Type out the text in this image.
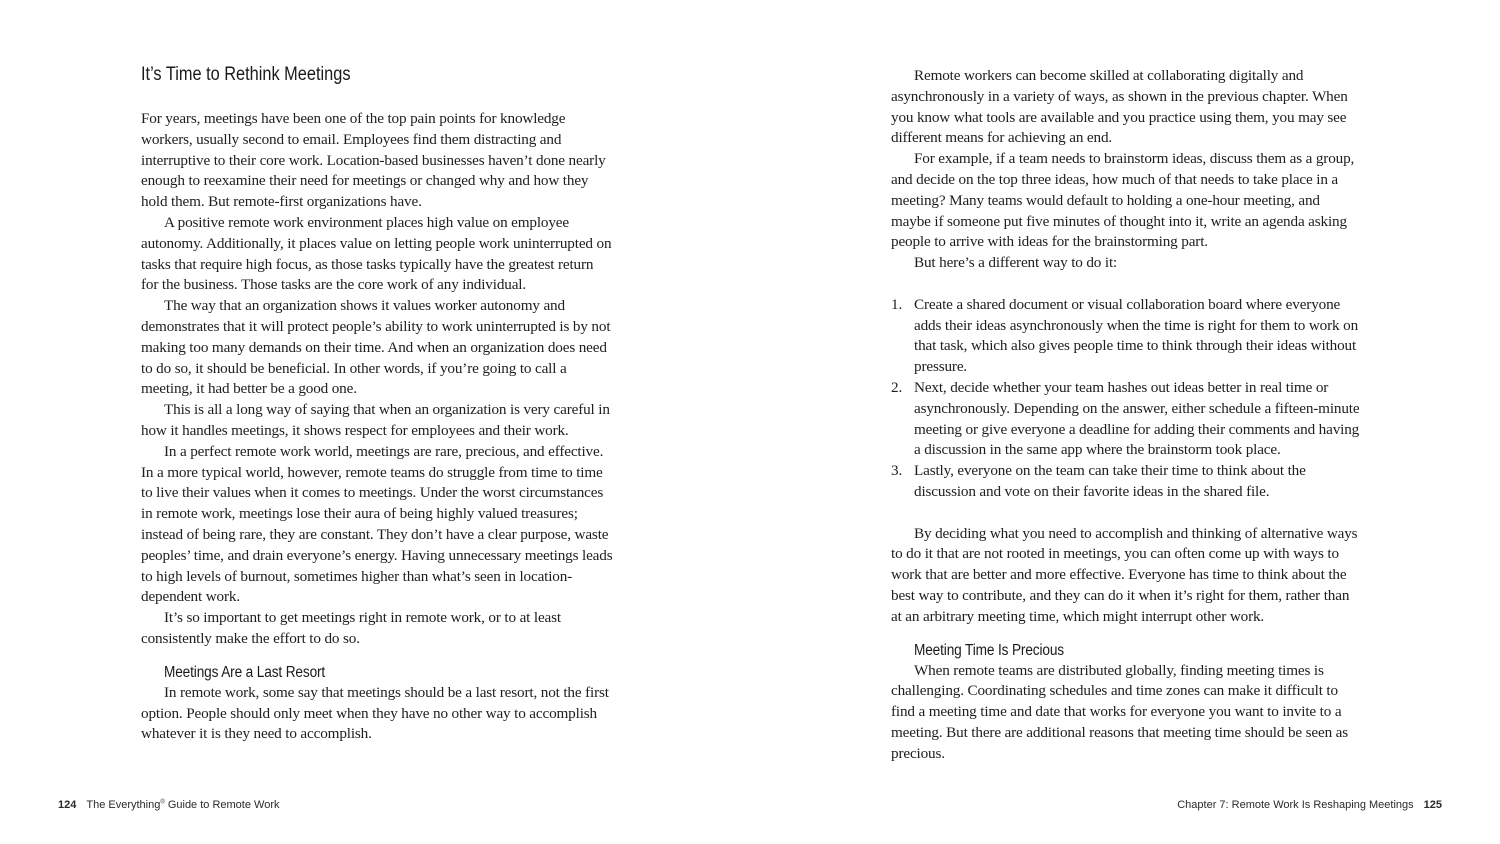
It’s Time to Rethink Meetings

For years, meetings have been one of the top pain points for knowledge workers, usually second to email. Employees find them distracting and interruptive to their core work. Location-based businesses haven’t done nearly enough to reexamine their need for meetings or changed why and how they hold them. But remote-first organizations have.

A positive remote work environment places high value on employee autonomy. Additionally, it places value on letting people work uninterrupted on tasks that require high focus, as those tasks typically have the greatest return for the business. Those tasks are the core work of any individual.

The way that an organization shows it values worker autonomy and demonstrates that it will protect people’s ability to work uninterrupted is by not making too many demands on their time. And when an organization does need to do so, it should be beneficial. In other words, if you’re going to call a meeting, it had better be a good one.

This is all a long way of saying that when an organization is very careful in how it handles meetings, it shows respect for employees and their work.

In a perfect remote work world, meetings are rare, precious, and effective. In a more typical world, however, remote teams do struggle from time to time to live their values when it comes to meetings. Under the worst circumstances in remote work, meetings lose their aura of being highly valued treasures; instead of being rare, they are constant. They don’t have a clear purpose, waste peoples’ time, and drain everyone’s energy. Having unnecessary meetings leads to high levels of burnout, sometimes higher than what’s seen in location-dependent work.

It’s so important to get meetings right in remote work, or to at least consistently make the effort to do so.

Meetings Are a Last Resort

In remote work, some say that meetings should be a last resort, not the first option. People should only meet when they have no other way to accomplish whatever it is they need to accomplish.

124 The Everything® Guide to Remote Work

Remote workers can become skilled at collaborating digitally and asynchronously in a variety of ways, as shown in the previous chapter. When you know what tools are available and you practice using them, you may see different means for achieving an end.

For example, if a team needs to brainstorm ideas, discuss them as a group, and decide on the top three ideas, how much of that needs to take place in a meeting? Many teams would default to holding a one-hour meeting, and maybe if someone put five minutes of thought into it, write an agenda asking people to arrive with ideas for the brainstorming part.

But here’s a different way to do it:

1. Create a shared document or visual collaboration board where everyone adds their ideas asynchronously when the time is right for them to work on that task, which also gives people time to think through their ideas without pressure.
2. Next, decide whether your team hashes out ideas better in real time or asynchronously. Depending on the answer, either schedule a fifteen-minute meeting or give everyone a deadline for adding their comments and having a discussion in the same app where the brainstorm took place.
3. Lastly, everyone on the team can take their time to think about the discussion and vote on their favorite ideas in the shared file.

By deciding what you need to accomplish and thinking of alternative ways to do it that are not rooted in meetings, you can often come up with ways to work that are better and more effective. Everyone has time to think about the best way to contribute, and they can do it when it’s right for them, rather than at an arbitrary meeting time, which might interrupt other work.

Meeting Time Is Precious

When remote teams are distributed globally, finding meeting times is challenging. Coordinating schedules and time zones can make it difficult to find a meeting time and date that works for everyone you want to invite to a meeting. But there are additional reasons that meeting time should be seen as precious.

Chapter 7: Remote Work Is Reshaping Meetings 125
